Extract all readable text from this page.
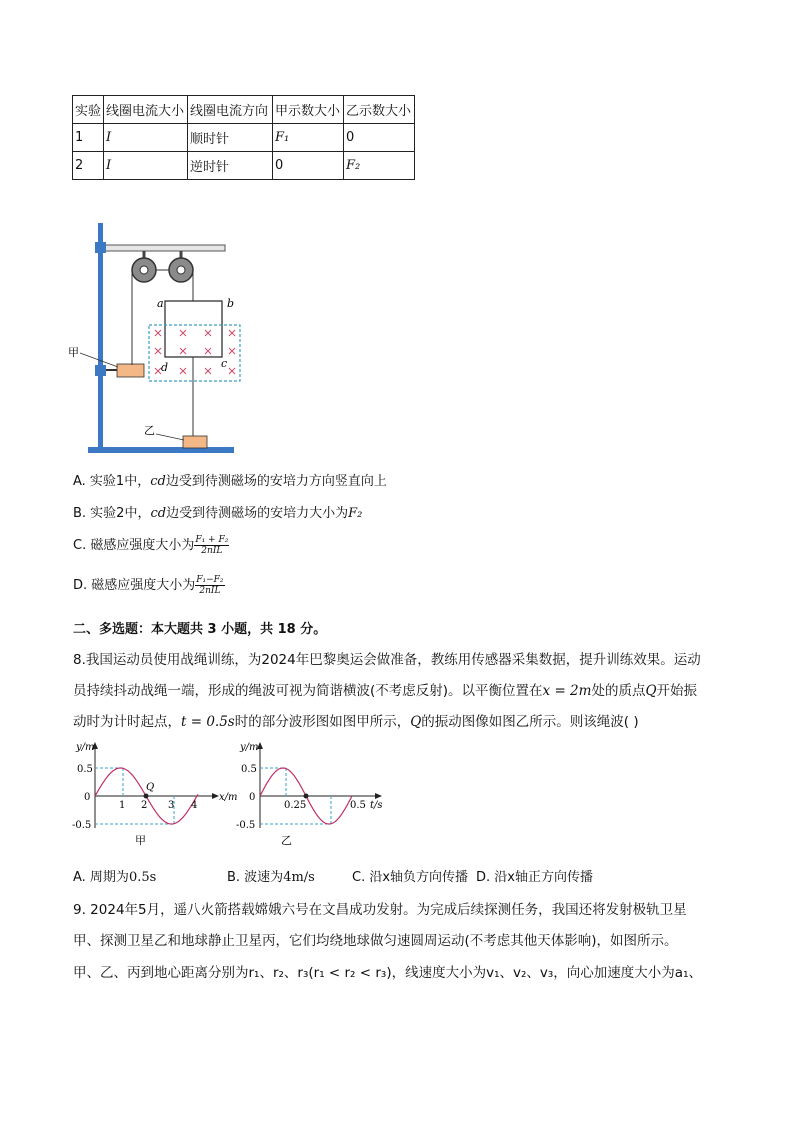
实验	线圈电流大小	线圈电流方向	甲示数大小	乙示数大小
1	I	顺时针	F₁	0
2	I	逆时针	0	F₂
a	b
c
d
甲
乙
A. 实验1中，cd边受到待测磁场的安培力方向竖直向上
B. 实验2中，cd边受到待测磁场的安培力大小为F₂
C. 磁感应强度大小为 $\frac{\text{F₁ + F₂}}{\text{2nIL}}$
D. 磁感应强度大小为 $\frac{\text{F₁−F₂}}{\text{2nIL}}$
二、多选题：本大题共 3 小题，共 18 分。
8.我国运动员使用战绳训练，为2024年巴黎奥运会做准备，教练用传感器采集数据，提升训练效果。运动
员持续抖动战绳一端，形成的绳波可视为简谐横波(不考虑反射)。以平衡位置在x = 2m处的质点Q开始振
动时为计时起点，t = 0.5s时的部分波形图如图甲所示，Q的振动图像如图乙所示。则该绳波( )
y/m
x/m
Q
0.5
0
-0.5
1 2 3 4
甲
y/m
t/s
0.5
0
-0.5
0.25	0.5
乙
A. 周期为0.5s	B. 波速为4m/s	C. 沿x轴负方向传播 D. 沿x轴正方向传播
9. 2024年5月，遥八火箭搭载嫦娥六号在文昌成功发射。为完成后续探测任务，我国还将发射极轨卫星
甲、探测卫星乙和地球静止卫星丙，它们均绕地球做匀速圆周运动(不考虑其他天体影响)，如图所示。
甲、乙、丙到地心距离分别为r₁、r₂、r₃(r₁ < r₂ < r₃)，线速度大小为v₁、v₂、v₃，向心加速度大小为a₁、
